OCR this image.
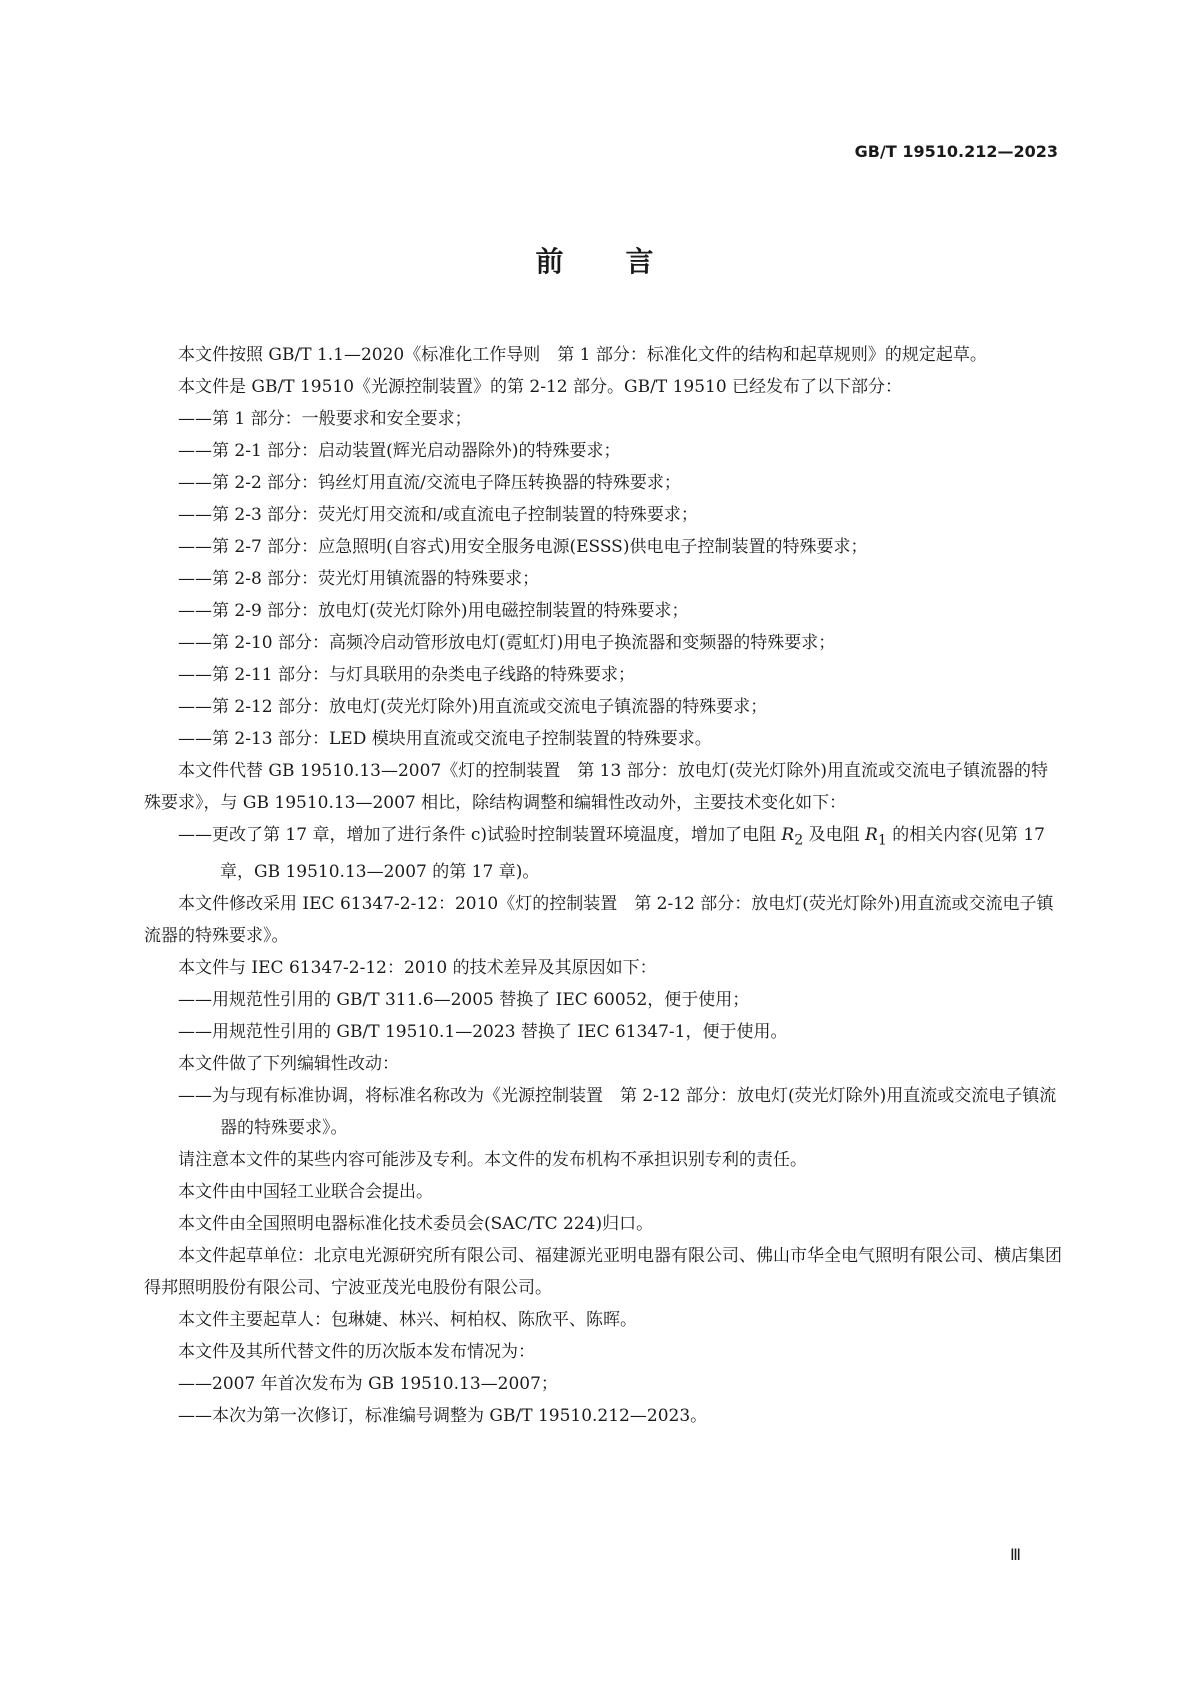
GB/T 19510.212—2023
前 言

本文件按照 GB/T 1.1—2020《标准化工作导则　第 1 部分：标准化文件的结构和起草规则》的规定起草。

本文件是 GB/T 19510《光源控制装置》的第 2-12 部分。GB/T 19510 已经发布了以下部分：

——第 1 部分：一般要求和安全要求；

——第 2-1 部分：启动装置(辉光启动器除外)的特殊要求；

——第 2-2 部分：钨丝灯用直流/交流电子降压转换器的特殊要求；

——第 2-3 部分：荧光灯用交流和/或直流电子控制装置的特殊要求；

——第 2-7 部分：应急照明(自容式)用安全服务电源(ESSS)供电电子控制装置的特殊要求；

——第 2-8 部分：荧光灯用镇流器的特殊要求；

——第 2-9 部分：放电灯(荧光灯除外)用电磁控制装置的特殊要求；

——第 2-10 部分：高频冷启动管形放电灯(霓虹灯)用电子换流器和变频器的特殊要求；

——第 2-11 部分：与灯具联用的杂类电子线路的特殊要求；

——第 2-12 部分：放电灯(荧光灯除外)用直流或交流电子镇流器的特殊要求；

——第 2-13 部分：LED 模块用直流或交流电子控制装置的特殊要求。

本文件代替 GB 19510.13—2007《灯的控制装置　第 13 部分：放电灯(荧光灯除外)用直流或交流电子镇流器的特殊要求》，与 GB 19510.13—2007 相比，除结构调整和编辑性改动外，主要技术变化如下：

——更改了第 17 章，增加了进行条件 c)试验时控制装置环境温度，增加了电阻 $R_2$ 及电阻 $R_1$ 的相关内容(见第 17 章，GB 19510.13—2007 的第 17 章)。

本文件修改采用 IEC 61347-2-12：2010《灯的控制装置　第 2-12 部分：放电灯(荧光灯除外)用直流或交流电子镇流器的特殊要求》。

本文件与 IEC 61347-2-12：2010 的技术差异及其原因如下：

——用规范性引用的 GB/T 311.6—2005 替换了 IEC 60052，便于使用；

——用规范性引用的 GB/T 19510.1—2023 替换了 IEC 61347-1，便于使用。

本文件做了下列编辑性改动：

——为与现有标准协调，将标准名称改为《光源控制装置　第 2-12 部分：放电灯(荧光灯除外)用直流或交流电子镇流器的特殊要求》。

请注意本文件的某些内容可能涉及专利。本文件的发布机构不承担识别专利的责任。

本文件由中国轻工业联合会提出。

本文件由全国照明电器标准化技术委员会(SAC/TC 224)归口。

本文件起草单位：北京电光源研究所有限公司、福建源光亚明电器有限公司、佛山市华全电气照明有限公司、横店集团得邦照明股份有限公司、宁波亚茂光电股份有限公司。

本文件主要起草人：包琳婕、林兴、柯柏权、陈欣平、陈晖。

本文件及其所代替文件的历次版本发布情况为：

——2007 年首次发布为 GB 19510.13—2007；

——本次为第一次修订，标准编号调整为 GB/T 19510.212—2023。

Ⅲ
